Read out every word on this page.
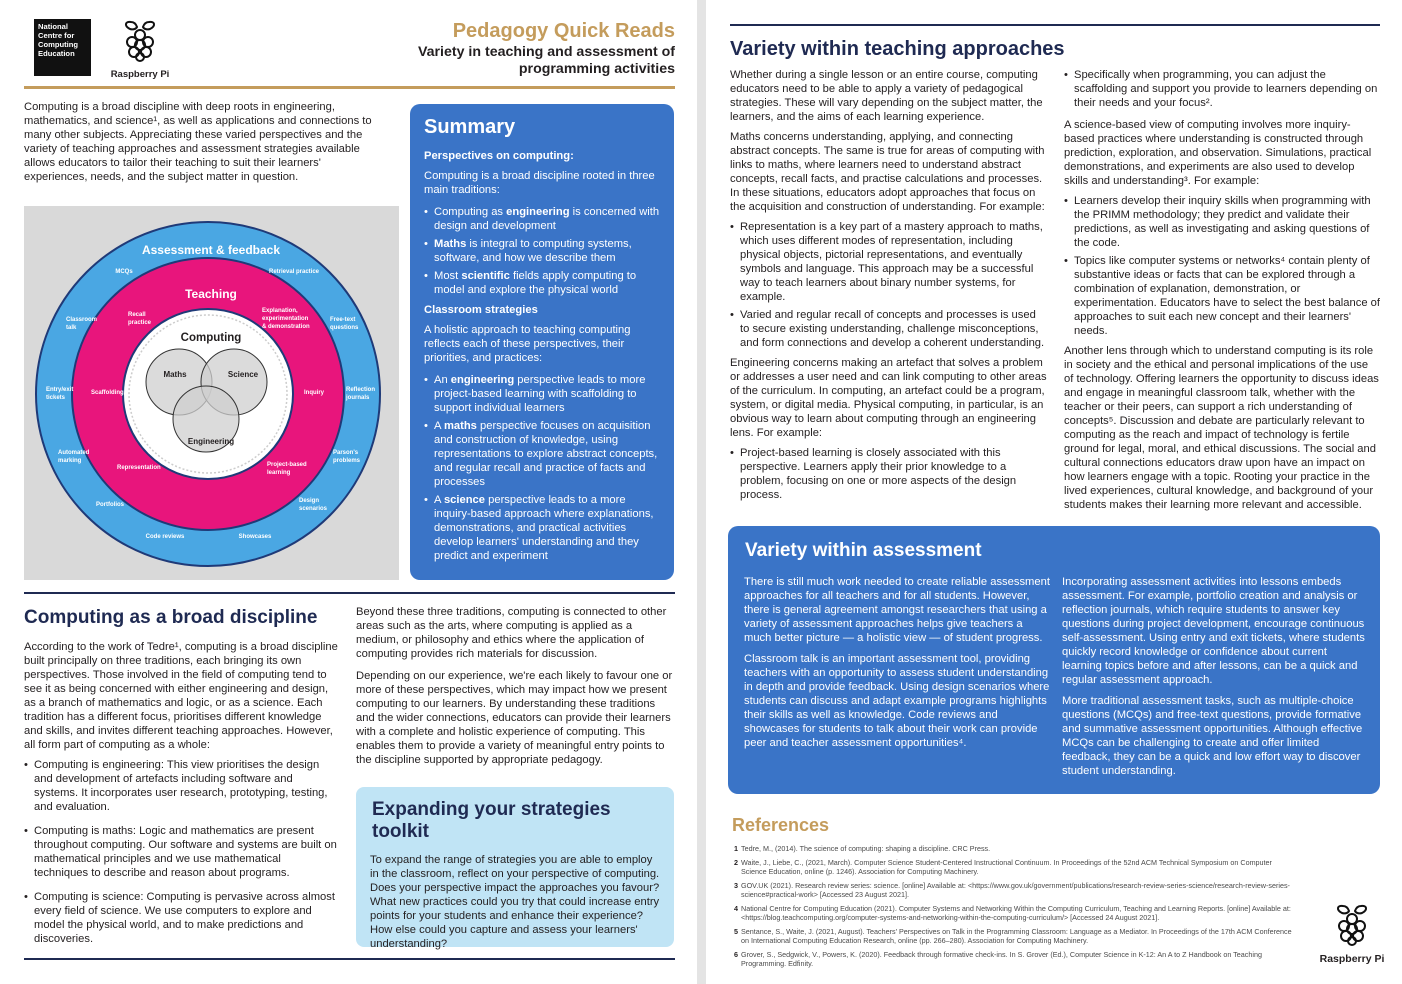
National Centre for Computing Education
Raspberry Pi
Pedagogy Quick Reads
Variety in teaching and assessment of programming activities
Computing is a broad discipline with deep roots in engineering, mathematics, and science¹, as well as applications and connections to many other subjects. Appreciating these varied perspectives and the variety of teaching approaches and assessment strategies available allows educators to tailor their teaching to suit their learners' experiences, needs, and the subject matter in question.
Assessment & feedback
Teaching
Computing
Maths	Science
Engineering
MCQs	Retrieval practice
Classroom talk
Free-text questions
Entry/exit tickets
Reflection journals
Automated marking
Parson's problems
Portfolios
Design scenarios
Code reviews	Showcases
Recall practice
Explanation, experimentation & demonstration
Scaffolding	Inquiry
Representation	Project-based learning
Summary
Perspectives on computing:

Computing is a broad discipline rooted in three main traditions:

• Computing as engineering is concerned with design and development
• Maths is integral to computing systems, software, and how we describe them
• Most scientific fields apply computing to model and explore the physical world
Classroom strategies

A holistic approach to teaching computing reflects each of these perspectives, their priorities, and practices:

• An engineering perspective leads to more project-based learning with scaffolding to support individual learners
• A maths perspective focuses on acquisition and construction of knowledge, using representations to explore abstract concepts, and regular recall and practice of facts and processes
• A science perspective leads to a more inquiry-based approach where explanations, demonstrations, and practical activities develop learners' understanding and they predict and experiment
Computing as a broad discipline

According to the work of Tedre¹, computing is a broad discipline built principally on three traditions, each bringing its own perspectives. Those involved in the field of computing tend to see it as being concerned with either engineering and design, as a branch of mathematics and logic, or as a science. Each tradition has a different focus, prioritises different knowledge and skills, and invites different teaching approaches. However, all form part of computing as a whole:

• Computing is engineering: This view prioritises the design and development of artefacts including software and systems. It incorporates user research, prototyping, testing, and evaluation.
• Computing is maths: Logic and mathematics are present throughout computing. Our software and systems are built on mathematical principles and we use mathematical techniques to describe and reason about programs.
• Computing is science: Computing is pervasive across almost every field of science. We use computers to explore and model the physical world, and to make predictions and discoveries.

Beyond these three traditions, computing is connected to other areas such as the arts, where computing is applied as a medium, or philosophy and ethics where the application of computing provides rich materials for discussion.

Depending on our experience, we're each likely to favour one or more of these perspectives, which may impact how we present computing to our learners. By understanding these traditions and the wider connections, educators can provide their learners with a complete and holistic experience of computing. This enables them to provide a variety of meaningful entry points to the discipline supported by appropriate pedagogy.

Expanding your strategies toolkit
To expand the range of strategies you are able to employ in the classroom, reflect on your perspective of computing. Does your perspective impact the approaches you favour? What new practices could you try that could increase entry points for your students and enhance their experience? How else could you capture and assess your learners' understanding?
Variety within teaching approaches

Whether during a single lesson or an entire course, computing educators need to be able to apply a variety of pedagogical strategies. These will vary depending on the subject matter, the learners, and the aims of each learning experience.

Maths concerns understanding, applying, and connecting abstract concepts. The same is true for areas of computing with links to maths, where learners need to understand abstract concepts, recall facts, and practise calculations and processes. In these situations, educators adopt approaches that focus on the acquisition and construction of understanding. For example:

• Representation is a key part of a mastery approach to maths, which uses different modes of representation, including physical objects, pictorial representations, and eventually symbols and language. This approach may be a successful way to teach learners about binary number systems, for example.
• Varied and regular recall of concepts and processes is used to secure existing understanding, challenge misconceptions, and form connections and develop a coherent understanding.

Engineering concerns making an artefact that solves a problem or addresses a user need and can link computing to other areas of the curriculum. In computing, an artefact could be a program, system, or digital media. Physical computing, in particular, is an obvious way to learn about computing through an engineering lens. For example:

• Project-based learning is closely associated with this perspective. Learners apply their prior knowledge to a problem, focusing on one or more aspects of the design process.
• Specifically when programming, you can adjust the scaffolding and support you provide to learners depending on their needs and your focus².

A science-based view of computing involves more inquiry-based practices where understanding is constructed through prediction, exploration, and observation. Simulations, practical demonstrations, and experiments are also used to develop skills and understanding³. For example:

• Learners develop their inquiry skills when programming with the PRIMM methodology; they predict and validate their predictions, as well as investigating and asking questions of the code.
• Topics like computer systems or networks⁴ contain plenty of substantive ideas or facts that can be explored through a combination of explanation, demonstration, or experimentation. Educators have to select the best balance of approaches to suit each new concept and their learners' needs.

Another lens through which to understand computing is its role in society and the ethical and personal implications of the use of technology. Offering learners the opportunity to discuss ideas and engage in meaningful classroom talk, whether with the teacher or their peers, can support a rich understanding of concepts⁵. Discussion and debate are particularly relevant to computing as the reach and impact of technology is fertile ground for legal, moral, and ethical discussions. The social and cultural connections educators draw upon have an impact on how learners engage with a topic. Rooting your practice in the lived experiences, cultural knowledge, and background of your students makes their learning more relevant and accessible.

Variety within assessment

There is still much work needed to create reliable assessment approaches for all teachers and for all students. However, there is general agreement amongst researchers that using a variety of assessment approaches helps give teachers a much better picture — a holistic view — of student progress.

Classroom talk is an important assessment tool, providing teachers with an opportunity to assess student understanding in depth and provide feedback. Using design scenarios where students can discuss and adapt example programs highlights their skills as well as knowledge. Code reviews and showcases for students to talk about their work can provide peer and teacher assessment opportunities⁴.

Incorporating assessment activities into lessons embeds assessment. For example, portfolio creation and analysis or reflection journals, which require students to answer key questions during project development, encourage continuous self-assessment. Using entry and exit tickets, where students quickly record knowledge or confidence about current learning topics before and after lessons, can be a quick and regular assessment approach.

More traditional assessment tasks, such as multiple-choice questions (MCQs) and free-text questions, provide formative and summative assessment opportunities. Although effective MCQs can be challenging to create and offer limited feedback, they can be a quick and low effort way to discover student understanding.

References
1 Tedre, M., (2014). The science of computing: shaping a discipline. CRC Press.
2 Waite, J., Liebe, C., (2021, March). Computer Science Student-Centered Instructional Continuum. In Proceedings of the 52nd ACM Technical Symposium on Computer Science Education, online (p. 1246). Association for Computing Machinery.
3 GOV.UK (2021). Research review series: science. [online] Available at: <https://www.gov.uk/government/publications/research-review-series-science/research-review-series-science#practical-work> [Accessed 23 August 2021].
4 National Centre for Computing Education (2021). Computer Systems and Networking Within the Computing Curriculum, Teaching and Learning Reports. [online] Available at: <https://blog.teachcomputing.org/computer-systems-and-networking-within-the-computing-curriculum/> [Accessed 24 August 2021].
5 Sentance, S., Waite, J. (2021, August). Teachers' Perspectives on Talk in the Programming Classroom: Language as a Mediator. In Proceedings of the 17th ACM Conference on International Computing Education Research, online (pp. 266–280). Association for Computing Machinery.
6 Grover, S., Sedgwick, V., Powers, K. (2020). Feedback through formative check-ins. In S. Grover (Ed.), Computer Science in K-12: An A to Z Handbook on Teaching Programming. Edfinity.	Raspberry Pi
